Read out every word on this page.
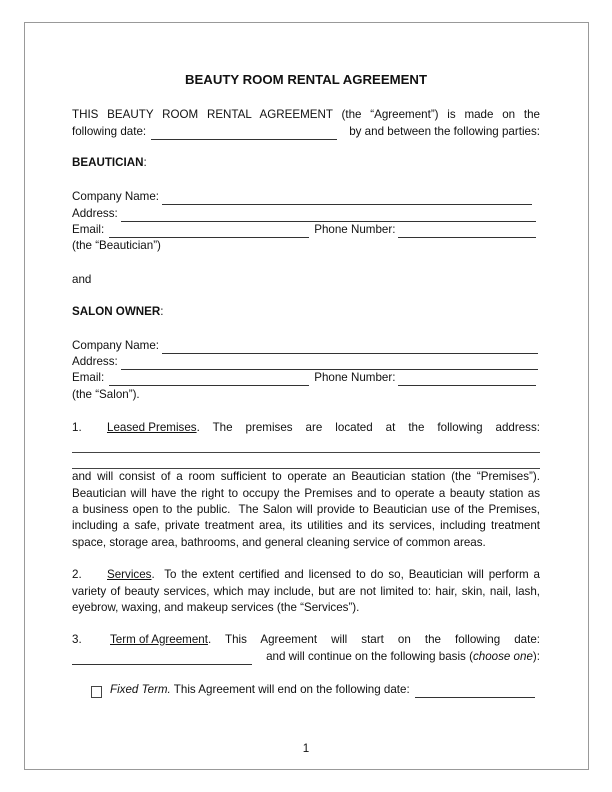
BEAUTY ROOM RENTAL AGREEMENT
THIS BEAUTY ROOM RENTAL AGREEMENT (the “Agreement”) is made on the
following date:	by and between the following parties:
BEAUTICIAN:
Company Name:
Address:
Email:	Phone Number:
(the “Beautician”)
and
SALON OWNER:
Company Name:
Address:
Email:	Phone Number:
(the “Salon”).
1.	Leased Premises . The premises are located at the following address:
and will consist of a room sufficient to operate an Beautician station (the “Premises”).
Beautician will have the right to occupy the Premises and to operate a beauty station as
a business open to the public.  The Salon will provide to Beautician use of the Premises,
including a safe, private treatment area, its utilities and its services, including treatment
space, storage area, bathrooms, and general cleaning service of common areas.
2.	Services .  To the extent certified and licensed to do so, Beautician will perform a
variety of beauty services, which may include, but are not limited to: hair, skin, nail, lash,
eyebrow, waxing, and makeup services (the “Services”).
3.	Term of Agreement . This Agreement will start on the following date:
and will continue on the following basis (choose one):
Fixed Term. This Agreement will end on the following date:
1
